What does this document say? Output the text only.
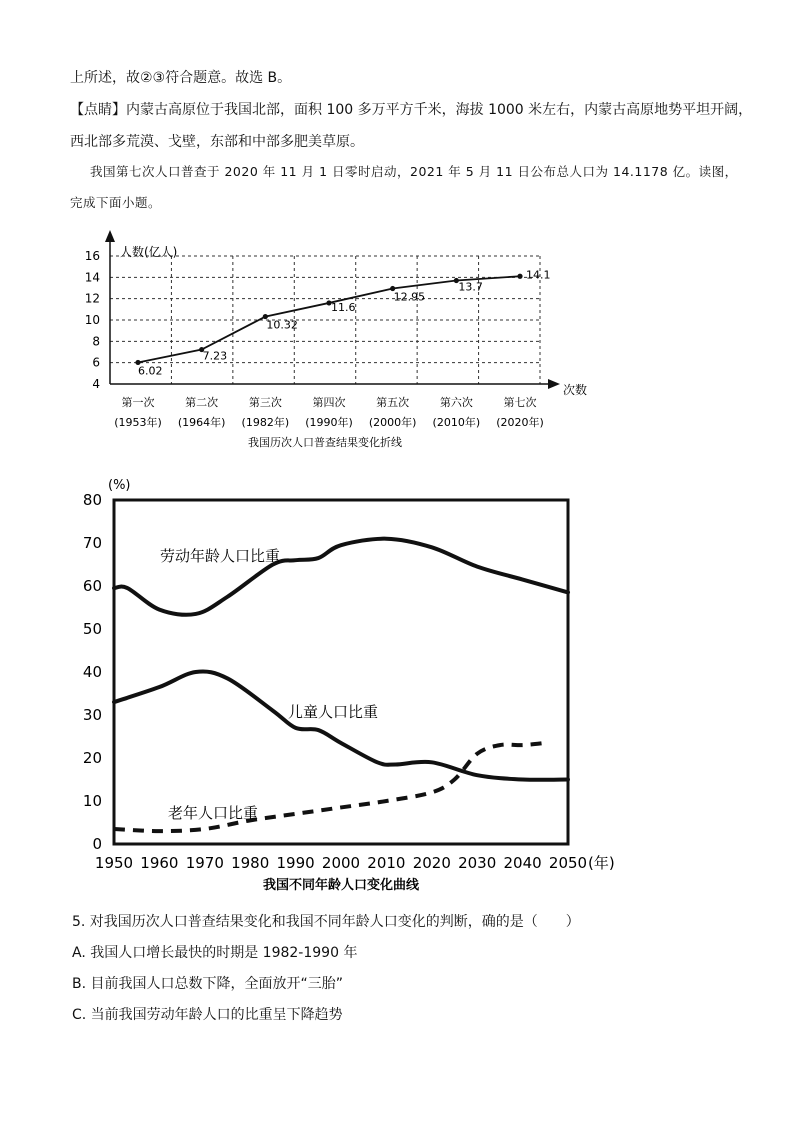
上所述，故②③符合题意。故选 B。
【点睛】内蒙古高原位于我国北部，面积 100 多万平方千米，海拔 1000 米左右，内蒙古高原地势平坦开阔，
西北部多荒漠、戈壁，东部和中部多肥美草原。
我国第七次人口普查于 2020 年 11 月 1 日零时启动，2021 年 5 月 11 日公布总人口为 14.1178 亿。读图，
完成下面小题。
16
14
12
10
8
6
4
人数(亿人)
次数
6.02
7.23
10.32
11.6
12.95
13.7
14.1
第一次
(1953年)
第二次
(1964年)
第三次
(1982年)
第四次
(1990年)
第五次
(2000年)
第六次
(2010年)
第七次
(2020年)
我国历次人口普查结果变化折线
(%)
80
70
60
50
40
30
20
10
0
1950 1960 1970 1980 1990 2000 2010 2020 2030 2040 2050 (年)
劳动年龄人口比重
儿童人口比重
老年人口比重
我国不同年龄人口变化曲线
5. 对我国历次人口普查结果变化和我国不同年龄人口变化的判断，确的是（　　）
A. 我国人口增长最快的时期是 1982-1990 年
B. 目前我国人口总数下降，全面放开“三胎”
C. 当前我国劳动年龄人口的比重呈下降趋势
